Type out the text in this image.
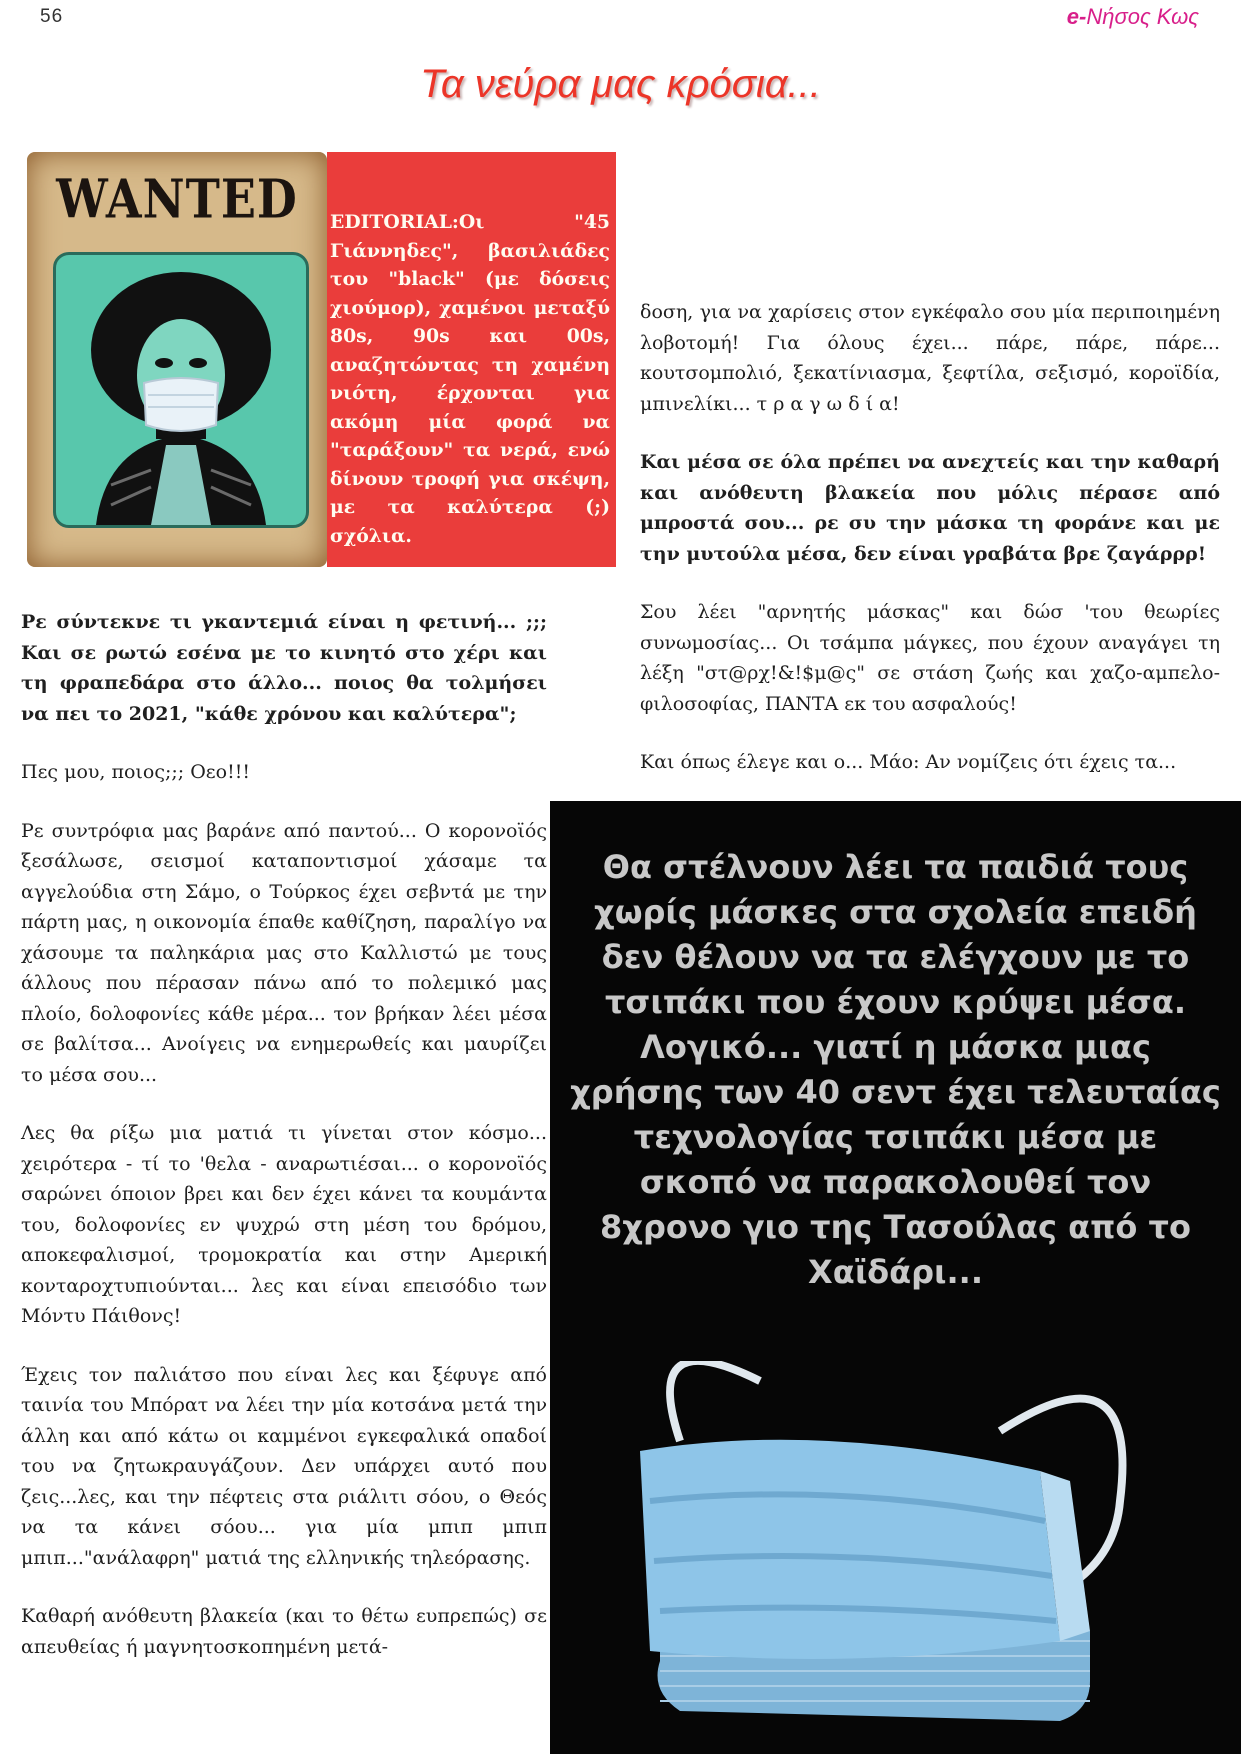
56	e-Νήσος Κως
Τα νεύρα μας κρόσια...
WANTED	EDITORIAL:Οι "45 Γιάννηδες", βασιλιάδες του "black" (με δόσεις χιούμορ), χαμένοι μεταξύ 80s, 90s και 00s, αναζητώντας τη χαμένη νιότη, έρχονται για ακόμη μία φορά να "ταράξουν" τα νερά, ενώ δίνουν τροφή για σκέψη, με τα καλύτερα (;) σχόλια.

Ρε σύντεκνε τι γκαντεμιά είναι η φετινή... ;;; Και σε ρωτώ εσένα με το κινητό στο χέρι και τη φραπεδάρα στο άλλο... ποιος θα τολμήσει να πει το 2021, "κάθε χρόνου και καλύτερα";

Πες μου, ποιος;;; Οεο!!!

Ρε συντρόφια μας βαράνε από παντού... Ο κορονοϊός ξεσάλωσε, σεισμοί καταποντισμοί χάσαμε τα αγγελούδια στη Σάμο, ο Τούρκος έχει σεβντά με την πάρτη μας, η οικονομία έπαθε καθίζηση, παραλίγο να χάσουμε τα παληκάρια μας στο Καλλιστώ με τους άλλους που πέρασαν πάνω από το πολεμικό μας πλοίο, δολοφονίες κάθε μέρα... τον βρήκαν λέει μέσα σε βαλίτσα... Ανοίγεις να ενημερωθείς και μαυρίζει το μέσα σου...

Λες θα ρίξω μια ματιά τι γίνεται στον κόσμο... χειρότερα - τί το 'θελα - αναρωτιέσαι... ο κορονοϊός σαρώνει όποιον βρει και δεν έχει κάνει τα κουμάντα του, δολοφονίες εν ψυχρώ στη μέση του δρόμου, αποκεφαλισμοί, τρομοκρατία και στην Αμερική κονταροχτυπιούνται... λες και είναι επεισόδιο των Μόντυ Πάιθονς!

Έχεις τον παλιάτσο που είναι λες και ξέφυγε από ταινία του Μπόρατ να λέει την μία κοτσάνα μετά την άλλη και από κάτω οι καμμένοι εγκεφαλικά οπαδοί του να ζητωκραυγάζουν. Δεν υπάρχει αυτό που ζεις...λες, και την πέφτεις στα ριάλιτι σόου, ο Θεός να τα κάνει σόου... για μία μπιπ μπιπ μπιπ..."ανάλαφρη" ματιά της ελληνικής τηλεόρασης.

Καθαρή ανόθευτη βλακεία (και το θέτω ευπρεπώς) σε απευθείας ή μαγνητοσκοπημένη μετά-

δοση, για να χαρίσεις στον εγκέφαλο σου μία περιποιημένη λοβοτομή! Για όλους έχει... πάρε, πάρε, πάρε... κουτσομπολιό, ξεκατίνιασμα, ξεφτίλα, σεξισμό, κοροϊδία, μπινελίκι... τ ρ α γ ω δ ί α!

Και μέσα σε όλα πρέπει να ανεχτείς και την καθαρή και ανόθευτη βλακεία που μόλις πέρασε από μπροστά σου... ρε συ την μάσκα τη φοράνε και με την μυτούλα μέσα, δεν είναι γραβάτα βρε ζαγάρρρ!

Σου λέει "αρνητής μάσκας" και δώσ 'του θεωρίες συνωμοσίας... Οι τσάμπα μάγκες, που έχουν αναγάγει τη λέξη "στ@ρχ!&!$μ@ς" σε στάση ζωής και χαζο-αμπελο-φιλοσοφίας, ΠΑΝΤΑ εκ του ασφαλούς!

Και όπως έλεγε και ο... Μάο: Αν νομίζεις ότι έχεις τα...

Θα στέλνουν λέει τα παιδιά τους χωρίς μάσκες στα σχολεία επειδή δεν θέλουν να τα ελέγχουν με το τσιπάκι που έχουν κρύψει μέσα. Λογικό... γιατί η μάσκα μιας χρήσης των 40 σεντ έχει τελευταίας τεχνολογίας τσιπάκι μέσα με σκοπό να παρακολουθεί τον 8χρονο γιο της Τασούλας από το Χαϊδάρι...
